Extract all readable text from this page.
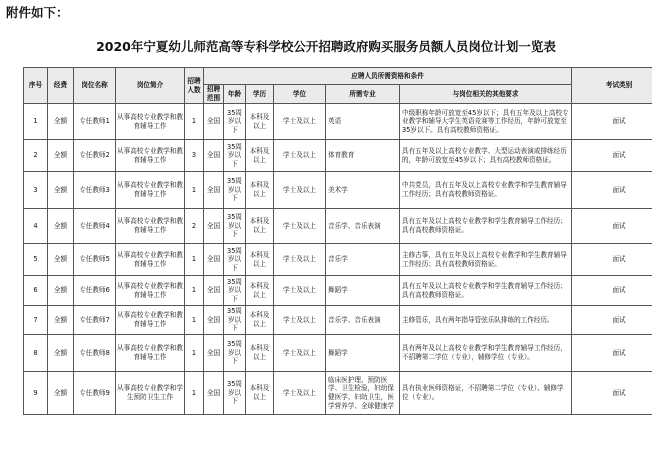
附件如下：
2020年宁夏幼儿师范高等专科学校公开招聘政府购买服务员额人员岗位计划一览表
序号	经费	岗位名称	岗位简介	招聘人数	应聘人员所需资格和条件						考试类别
					招聘范围	年龄	学历	学位	所需专业	与岗位相关的其他要求	
1	全额	专任教师1	从事高校专业教学和教育辅导工作	1	全国	35周岁以下	本科及以上	学士及以上	英语	中级职称年龄可放宽至45岁以下；具有五年及以上高校专业教学和辅导大学生英语竞赛等工作经历，年龄可放宽至35岁以下。具有高校教师资格证。	面试
2	全额	专任教师2	从事高校专业教学和教育辅导工作	3	全国	35周岁以下	本科及以上	学士及以上	体育教育	具有五年及以上高校专业教学、大型运动表演或排练经历的，年龄可放宽至45岁以下；具有高校教师资格证。	面试
3	全额	专任教师3	从事高校专业教学和教育辅导工作	1	全国	35周岁以下	本科及以上	学士及以上	美术学	中共党员，具有五年及以上高校专业教学和学生教育辅导工作经历；具有高校教师资格证。	面试
4	全额	专任教师4	从事高校专业教学和教育辅导工作	2	全国	35周岁以下	本科及以上	学士及以上	音乐学、音乐表演	具有五年及以上高校专业教学和学生教育辅导工作经历；具有高校教师资格证。	面试
5	全额	专任教师5	从事高校专业教学和教育辅导工作	1	全国	35周岁以下	本科及以上	学士及以上	音乐学	主修古筝，具有五年及以上高校专业教学和学生教育辅导工作经历；具有高校教师资格证。	面试
6	全额	专任教师6	从事高校专业教学和教育辅导工作	1	全国	35周岁以下	本科及以上	学士及以上	舞蹈学	具有五年及以上高校专业教学和学生教育辅导工作经历；具有高校教师资格证。	面试
7	全额	专任教师7	从事高校专业教学和教育辅导工作	1	全国	35周岁以下	本科及以上	学士及以上	音乐学、音乐表演	主修管乐，具有两年指导管弦乐队排练的工作经历。	面试
8	全额	专任教师8	从事高校专业教学和教育辅导工作	1	全国	35周岁以下	本科及以上	学士及以上	舞蹈学	具有两年及以上高校专业教学和学生教育辅导工作经历，不招聘第二学位（专业），辅修学位（专业）。	面试
9	全额	专任教师9	从事高校专业教学和学生预防卫生工作	1	全国	35周岁以下	本科及以上	学士及以上	临床医护理、预防医学、卫生检验，妇幼保健医学、妇幼卫生，医学营养学、全球健康学	具有执业医师资格证，不招聘第二学位（专业）、辅修学位（专业）。	面试
